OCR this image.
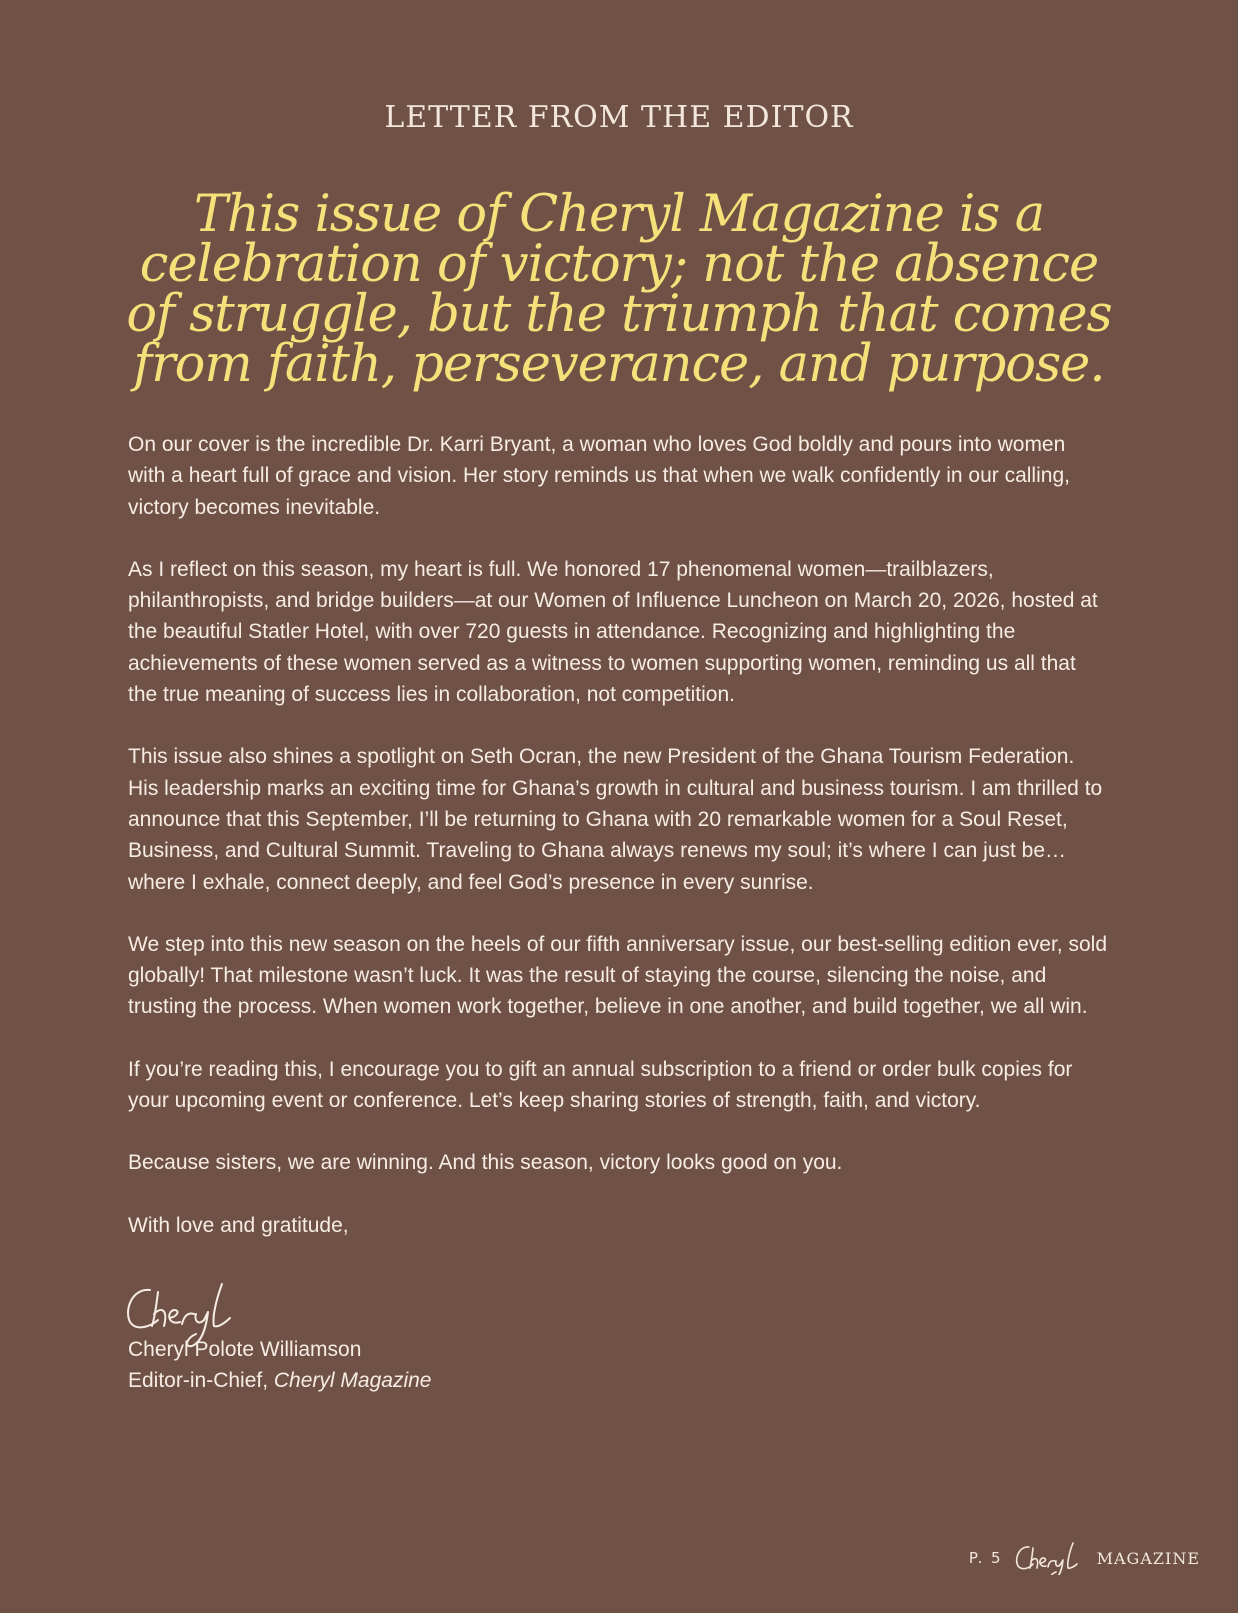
LETTER FROM THE EDITOR

This issue of Cheryl Magazine is a celebration of victory; not the absence of struggle, but the triumph that comes from faith, perseverance, and purpose.

On our cover is the incredible Dr. Karri Bryant, a woman who loves God boldly and pours into women with a heart full of grace and vision. Her story reminds us that when we walk confidently in our calling, victory becomes inevitable.

As I reflect on this season, my heart is full. We honored 17 phenomenal women—trailblazers, philanthropists, and bridge builders—at our Women of Influence Luncheon on March 20, 2026, hosted at the beautiful Statler Hotel, with over 720 guests in attendance. Recognizing and highlighting the achievements of these women served as a witness to women supporting women, reminding us all that the true meaning of success lies in collaboration, not competition.

This issue also shines a spotlight on Seth Ocran, the new President of the Ghana Tourism Federation. His leadership marks an exciting time for Ghana’s growth in cultural and business tourism. I am thrilled to announce that this September, I’ll be returning to Ghana with 20 remarkable women for a Soul Reset, Business, and Cultural Summit. Traveling to Ghana always renews my soul; it’s where I can just be…where I exhale, connect deeply, and feel God’s presence in every sunrise.

We step into this new season on the heels of our fifth anniversary issue, our best-selling edition ever, sold globally! That milestone wasn’t luck. It was the result of staying the course, silencing the noise, and trusting the process. When women work together, believe in one another, and build together, we all win.

If you’re reading this, I encourage you to gift an annual subscription to a friend or order bulk copies for your upcoming event or conference. Let’s keep sharing stories of strength, faith, and victory.

Because sisters, we are winning. And this season, victory looks good on you.

With love and gratitude,

Cheryl Polote Williamson
Editor-in-Chief, Cheryl Magazine
P. 5	MAGAZINE
